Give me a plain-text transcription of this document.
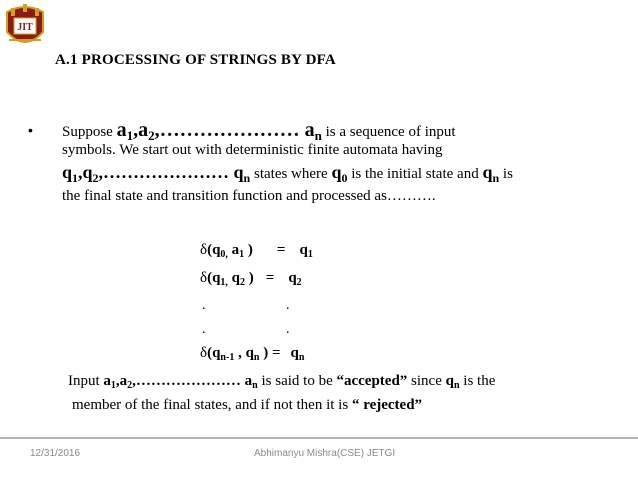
JIT
A.1 PROCESSING OF STRINGS BY DFA
• Suppose $a_1,a_2,\dots\dots\dots\dots\dots\dots\dots$ $a_n$ is a sequence of input
symbols. We start out with deterministic finite automata having
$q_1,q_2,\dots\dots\dots\dots\dots\dots\dots$ $q_n$ states where $q_0$ is the initial state and $q_n$ is
the final state and transition function and processed as……….
$\delta(q_{0,}$ $a_1$ ) = $q_1$
$\delta(q_{1,}$ $q_2$ ) = $q_2$
.	.
.	.
$\delta(q_{n-1}$ , $q_n$ ) = $q_n$
Input $a_1,a_2,\dots\dots\dots\dots\dots\dots\dots$ $a_n$ is said to be “accepted” since $q_n$ is the
member of the final states, and if not then it is “ rejected”
12/31/2016	Abhimanyu Mishra(CSE) JETGI
